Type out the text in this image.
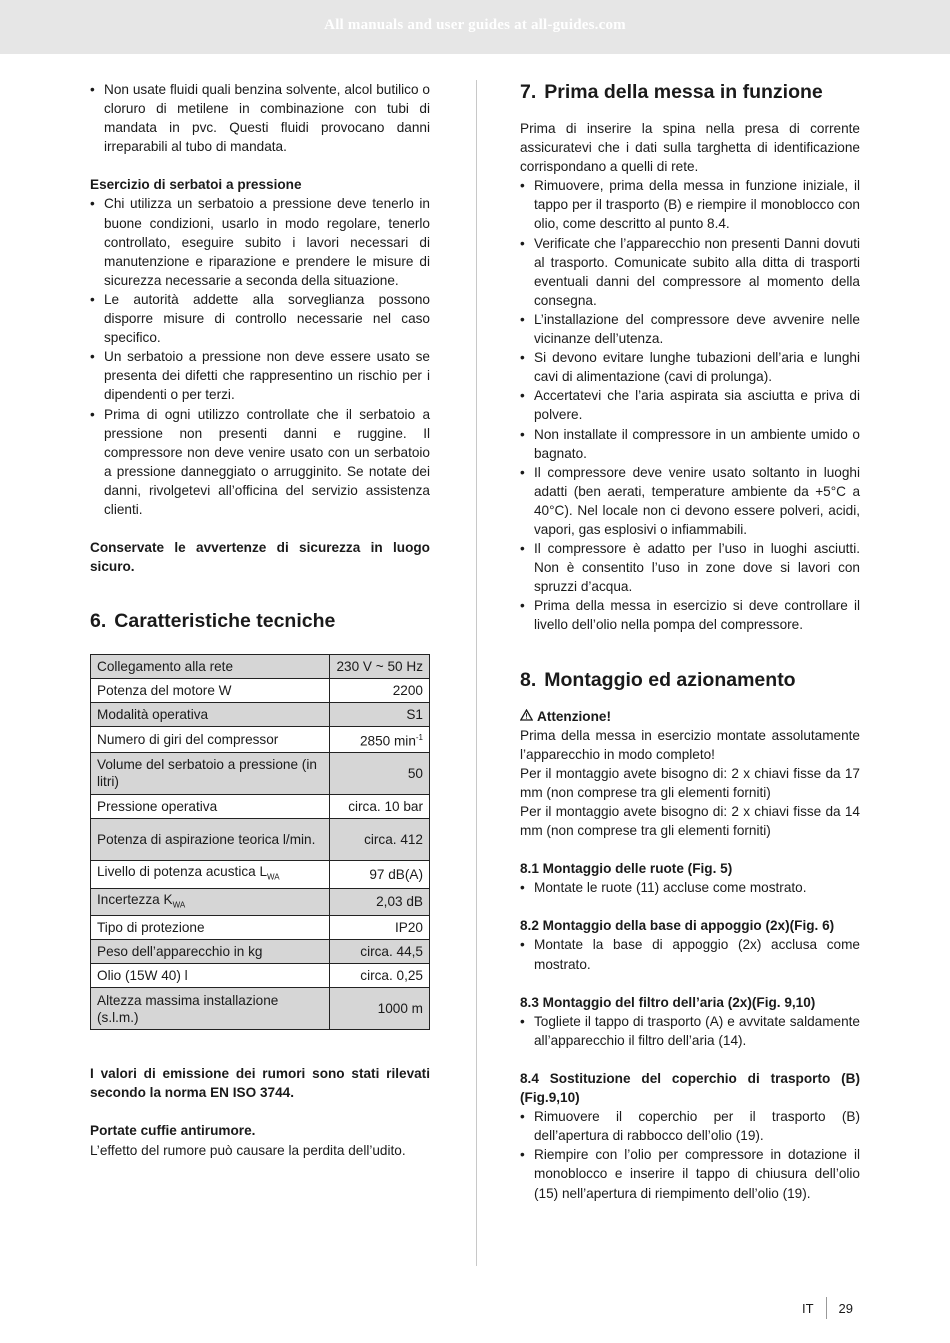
All manuals and user guides at all-guides.com
• Non usate fluidi quali benzina solvente, alcol butilico o cloruro di metilene in combinazione con tubi di mandata in pvc. Questi fluidi provocano danni irreparabili al tubo di mandata.
Esercizio di serbatoi a pressione
• Chi utilizza un serbatoio a pressione deve tenerlo in buone condizioni, usarlo in modo regolare, tenerlo controllato, eseguire subito i lavori necessari di manutenzione e riparazione e prendere le misure di sicurezza necessarie a seconda della situazione.
• Le autorità addette alla sorveglianza possono disporre misure di controllo necessarie nel caso specifico.
• Un serbatoio a pressione non deve essere usato se presenta dei difetti che rappresentino un rischio per i dipendenti o per terzi.
• Prima di ogni utilizzo controllate che il serbatoio a pressione non presenti danni e ruggine. Il compressore non deve venire usato con un serbatoio a pressione danneggiato o arrugginito. Se notate dei danni, rivolgetevi all’officina del servizio assistenza clienti.

Conservate le avvertenze di sicurezza in luogo sicuro.

6. Caratteristiche tecniche
Collegamento alla rete	230 V ~ 50 Hz
Potenza del motore W	2200
Modalità operativa	S1
Numero di giri del compressor	2850 $\min^{-1}$
Volume del serbatoio a pressione (in litri)	50
Pressione operativa	circa. 10 bar
Potenza di aspirazione teorica l/min.	circa. 412
Livello di potenza acustica $L_{WA}$	97 dB(A)
Incertezza $K_{WA}$	2,03 dB
Tipo di protezione	IP20
Peso dell’apparecchio in kg	circa. 44,5
Olio (15W 40) l	circa. 0,25
Altezza massima installazione (s.l.m.)	1000 m

I valori di emissione dei rumori sono stati rilevati secondo la norma EN ISO 3744.

Portate cuffie antirumore.

L’effetto del rumore può causare la perdita dell’udito.

7. Prima della messa in funzione

Prima di inserire la spina nella presa di corrente assicuratevi che i dati sulla targhetta di identificazione corrispondano a quelli di rete.

• Rimuovere, prima della messa in funzione iniziale, il tappo per il trasporto (B) e riempire il monoblocco con olio, come descritto al punto 8.4.
• Verificate che l’apparecchio non presenti Danni dovuti al trasporto. Comunicate subito alla ditta di trasporti eventuali danni del compressore al momento della consegna.
• L’installazione del compressore deve avvenire nelle vicinanze dell’utenza.
• Si devono evitare lunghe tubazioni dell’aria e lunghi cavi di alimentazione (cavi di prolunga).
• Accertatevi che l’aria aspirata sia asciutta e priva di polvere.
• Non installate il compressore in un ambiente umido o bagnato.
• Il compressore deve venire usato soltanto in luoghi adatti (ben aerati, temperature ambiente da +5°C a 40°C). Nel locale non ci devono essere polveri, acidi, vapori, gas esplosivi o infiammabili.
• Il compressore è adatto per l’uso in luoghi asciutti. Non è consentito l’uso in zone dove si lavori con spruzzi d’acqua.
• Prima della messa in esercizio si deve controllare il livello dell’olio nella pompa del compressore.
8. Montaggio ed azionamento

Attenzione!

Prima della messa in esercizio montate assolutamente l’apparecchio in modo completo!

Per il montaggio avete bisogno di: 2 x chiavi fisse da 17 mm (non comprese tra gli elementi forniti)

Per il montaggio avete bisogno di: 2 x chiavi fisse da 14 mm (non comprese tra gli elementi forniti)

8.1 Montaggio delle ruote (Fig. 5)
• Montate le ruote (11) accluse come mostrato.
8.2 Montaggio della base di appoggio (2x)(Fig. 6)
• Montate la base di appoggio (2x) acclusa come mostrato.
8.3 Montaggio del filtro dell’aria (2x)(Fig. 9,10)
• Togliete il tappo di trasporto (A) e avvitate saldamente all’apparecchio il filtro dell’aria (14).
8.4 Sostituzione del coperchio di trasporto (B) (Fig.9,10)
• Rimuovere il coperchio per il trasporto (B) dell’apertura di rabbocco dell’olio (19).
• Riempire con l’olio per compressore in dotazione il monoblocco e inserire il tappo di chiusura dell’olio (15) nell’apertura di riempimento dell’olio (19).
IT 29
